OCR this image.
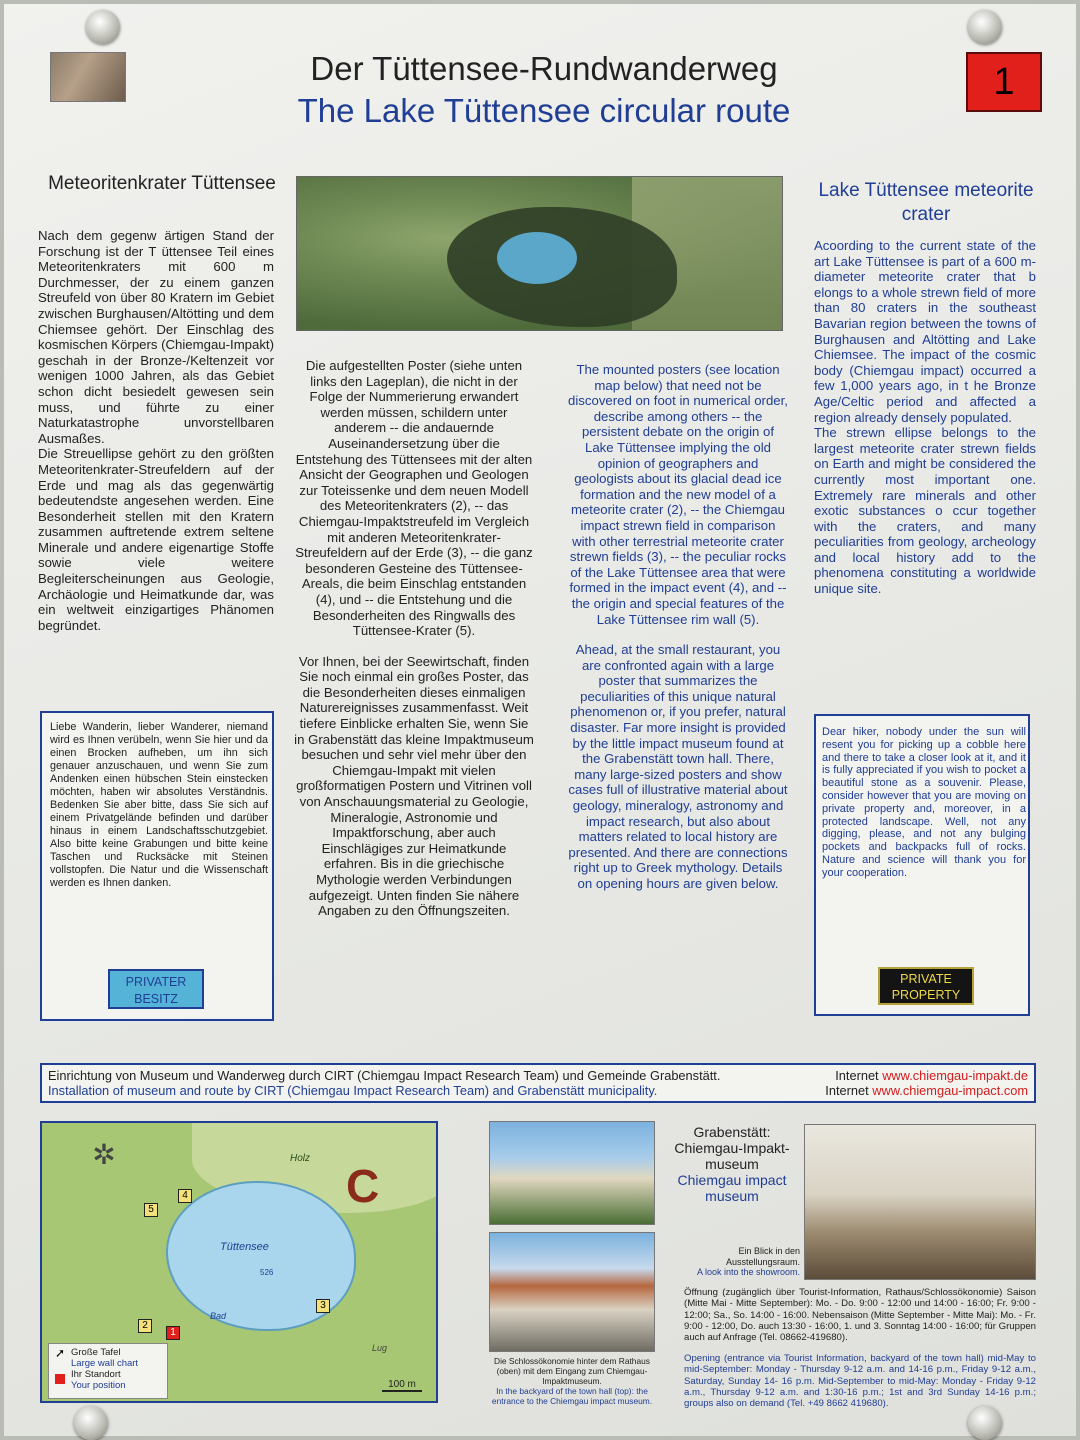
1
Der Tüttensee-Rundwanderweg
The Lake Tüttensee circular route
Meteoritenkrater Tüttensee

Nach dem gegenw ärtigen Stand der Forschung ist der T üttensee Teil eines Meteoritenkraters mit 600 m Durchmesser, der zu einem ganzen Streufeld von über 80 Kratern im Gebiet zwischen Burghausen/Altötting und dem Chiemsee gehört. Der Einschlag des kosmischen Körpers (Chiemgau-Impakt) geschah in der Bronze-/Keltenzeit vor wenigen 1000 Jahren, als das Gebiet schon dicht besiedelt gewesen sein muss, und führte zu einer Naturkatastrophe unvorstellbaren Ausmaßes.

Die Streuellipse gehört zu den größten Meteoritenkrater-Streufeldern auf der Erde und mag als das gegenwärtig bedeutendste angesehen werden. Eine Besonderheit stellen mit den Kratern zusammen auftretende extrem seltene Minerale und andere eigenartige Stoffe sowie viele weitere Begleiterscheinungen aus Geologie, Archäologie und Heimatkunde dar, was ein weltweit einzigartiges Phänomen begründet.

Die aufgestellten Poster (siehe unten links den Lageplan), die nicht in der Folge der Nummerierung erwandert werden müssen, schildern unter anderem -- die andauernde Auseinandersetzung über die Entstehung des Tüttensees mit der alten Ansicht der Geographen und Geologen zur Toteissenke und dem neuen Modell des Meteoritenkraters (2), -- das Chiemgau-Impaktstreufeld im Vergleich mit anderen Meteoritenkrater-Streufeldern auf der Erde (3), -- die ganz besonderen Gesteine des Tüttensee-Areals, die beim Einschlag entstanden (4), und -- die Entstehung und die Besonderheiten des Ringwalls des Tüttensee-Krater (5).

Vor Ihnen, bei der Seewirtschaft, finden Sie noch einmal ein großes Poster, das die Besonderheiten dieses einmaligen Naturereignisses zusammenfasst. Weit tiefere Einblicke erhalten Sie, wenn Sie in Grabenstätt das kleine Impaktmuseum besuchen und sehr viel mehr über den Chiemgau-Impakt mit vielen großformatigen Postern und Vitrinen voll von Anschauungsmaterial zu Geologie, Mineralogie, Astronomie und Impaktforschung, aber auch Einschlägiges zur Heimatkunde erfahren. Bis in die griechische Mythologie werden Verbindungen aufgezeigt. Unten finden Sie nähere Angaben zu den Öffnungszeiten.

The mounted posters (see location map below) that need not be discovered on foot in numerical order, describe among others -- the persistent debate on the origin of Lake Tüttensee implying the old opinion of geographers and geologists about its glacial dead ice formation and the new model of a meteorite crater (2), -- the Chiemgau impact strewn field in comparison with other terrestrial meteorite crater strewn fields (3), -- the peculiar rocks of the Lake Tüttensee area that were formed in the impact event (4), and -- the origin and special features of the Lake Tüttensee rim wall (5).

Ahead, at the small restaurant, you are confronted again with a large poster that summarizes the peculiarities of this unique natural phenomenon or, if you prefer, natural disaster. Far more insight is provided by the little impact museum found at the Grabenstätt town hall. There, many large-sized posters and show cases full of illustrative material about geology, mineralogy, astronomy and impact research, but also about matters related to local history are presented. And there are connections right up to Greek mythology. Details on opening hours are given below.

Lake Tüttensee meteorite crater

Acoording to the current state of the art Lake Tüttensee is part of a 600 m-diameter meteorite crater that b elongs to a whole strewn field of more than 80 craters in the southeast Bavarian region between the towns of Burghausen and Altötting and Lake Chiemsee. The impact of the cosmic body (Chiemgau impact) occurred a few 1,000 years ago, in t he Bronze Age/Celtic period and affected a region already densely populated.

The strewn ellipse belongs to the largest meteorite crater strewn fields on Earth and might be considered the currently most important one. Extremely rare minerals and other exotic substances o ccur together with the craters, and many peculiarities from geology, archeology and local history add to the phenomena constituting a worldwide unique site.

Liebe Wanderin, lieber Wanderer, niemand wird es Ihnen verübeln, wenn Sie hier und da einen Brocken aufheben, um ihn sich genauer anzuschauen, und wenn Sie zum Andenken einen hübschen Stein einstecken möchten, haben wir absolutes Verständnis. Bedenken Sie aber bitte, dass Sie sich auf einem Privatgelände befinden und darüber hinaus in einem Landschaftsschutzgebiet. Also bitte keine Grabungen und bitte keine Taschen und Rucksäcke mit Steinen vollstopfen. Die Natur und die Wissenschaft werden es Ihnen danken.

PRIVATER BESITZ

Dear hiker, nobody under the sun will resent you for picking up a cobble here and there to take a closer look at it, and it is fully appreciated if you wish to pocket a beautiful stone as a souvenir. Please, consider however that you are moving on private property and, moreover, in a protected landscape. Well, not any digging, please, and not any bulging pockets and backpacks full of rocks. Nature and science will thank you for your cooperation.

PRIVATE PROPERTY
Einrichtung von Museum und Wanderweg durch CIRT (Chiemgau Impact Research Team) und Gemeinde Grabenstätt.
Installation of museum and route by CIRT (Chiemgau Impact Research Team) and Grabenstätt municipality.
Internet www.chiemgau-impakt.de
Internet www.chiemgau-impact.com
✲	Holz
C
Tüttensee
526
Bad
Lug
1
2
3
4
5
➚ Große Tafel
Large wall chart
Ihr Standort
Your position	100 m
Die Schlossökonomie hinter dem Rathaus (oben) mit dem Eingang zum Chiemgau-Impaktmuseum.
In the backyard of the town hall (top): the entrance to the Chiemgau impact museum.
Grabenstätt: Chiemgau-Impakt-museum
Chiemgau impact museum
Ein Blick in den Ausstellungsraum.
A look into the showroom.
Öffnung (zugänglich über Tourist-Information, Rathaus/Schlossökonomie) Saison (Mitte Mai - Mitte September): Mo. - Do. 9:00 - 12:00 und 14:00 - 16:00; Fr. 9:00 - 12:00; Sa., So. 14:00 - 16:00. Nebensaison (Mitte September - Mitte Mai): Mo. - Fr. 9:00 - 12:00, Do. auch 13:30 - 16:00, 1. und 3. Sonntag 14:00 - 16:00; für Gruppen auch auf Anfrage (Tel. 08662-419680).
Opening (entrance via Tourist Information, backyard of the town hall) mid-May to mid-September: Monday - Thursday 9-12 a.m. and 14-16 p.m., Friday 9-12 a.m., Saturday, Sunday 14- 16 p.m. Mid-September to mid-May: Monday - Friday 9-12 a.m., Thursday 9-12 a.m. and 1:30-16 p.m.; 1st and 3rd Sunday 14-16 p.m.; groups also on demand (Tel. +49 8662 419680).
